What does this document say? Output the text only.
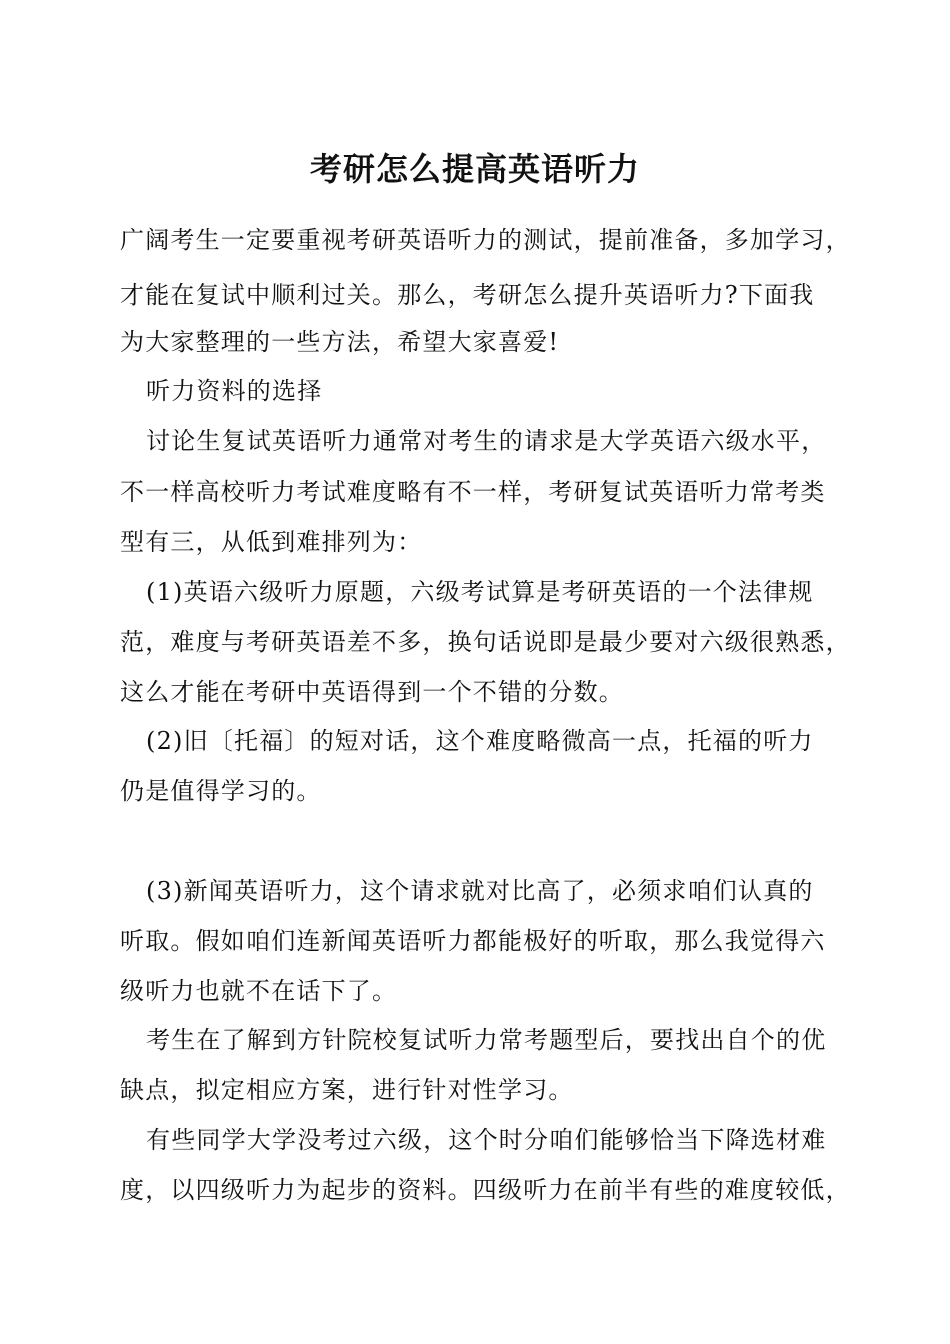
考研怎么提高英语听力
广阔考生一定要重视考研英语听力的测试，提前准备，多加学习，
才能在复试中顺利过关。那么，考研怎么提升英语听力?下面我
为大家整理的一些方法，希望大家喜爱!
听力资料的选择
讨论生复试英语听力通常对考生的请求是大学英语六级水平，
不一样高校听力考试难度略有不一样，考研复试英语听力常考类
型有三，从低到难排列为：
(1)英语六级听力原题，六级考试算是考研英语的一个法律规
范，难度与考研英语差不多，换句话说即是最少要对六级很熟悉，
这么才能在考研中英语得到一个不错的分数。
(2)旧〔托福〕的短对话，这个难度略微高一点，托福的听力
仍是值得学习的。
(3)新闻英语听力，这个请求就对比高了，必须求咱们认真的
听取。假如咱们连新闻英语听力都能极好的听取，那么我觉得六
级听力也就不在话下了。
考生在了解到方针院校复试听力常考题型后，要找出自个的优
缺点，拟定相应方案，进行针对性学习。
有些同学大学没考过六级，这个时分咱们能够恰当下降选材难
度，以四级听力为起步的资料。四级听力在前半有些的难度较低，
